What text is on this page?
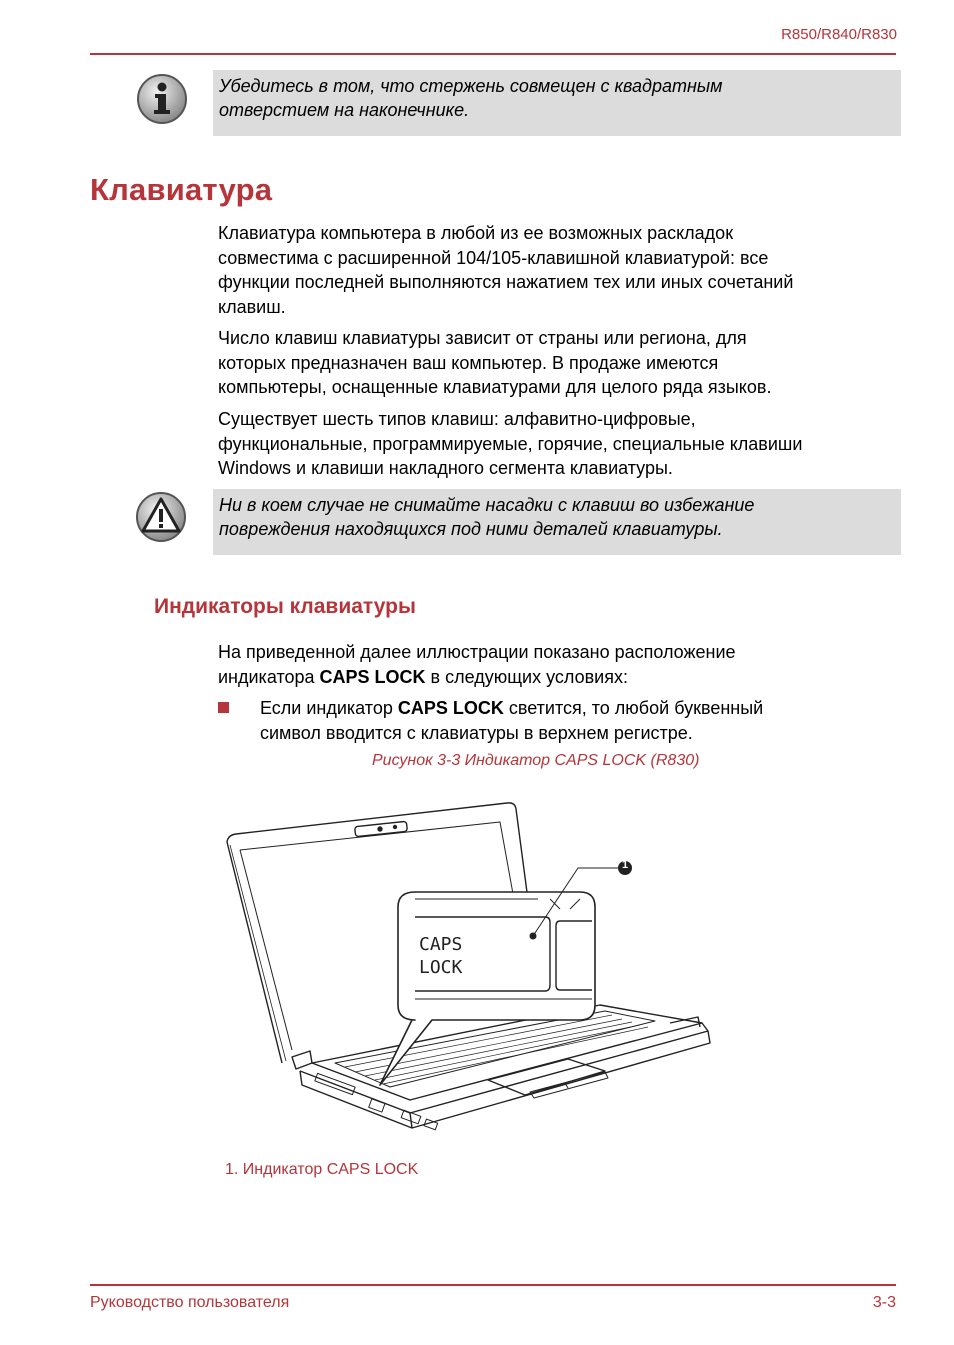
R850/R840/R830
Убедитесь в том, что стержень совмещен с квадратным
отверстием на наконечнике.
Клавиатура
Клавиатура компьютера в любой из ее возможных раскладок
совместима с расширенной 104/105-клавишной клавиатурой: все
функции последней выполняются нажатием тех или иных сочетаний
клавиш.
Число клавиш клавиатуры зависит от страны или региона, для
которых предназначен ваш компьютер. В продаже имеются
компьютеры, оснащенные клавиатурами для целого ряда языков.
Существует шесть типов клавиш: алфавитно-цифровые,
функциональные, программируемые, горячие, специальные клавиши
Windows и клавиши накладного сегмента клавиатуры.
Ни в коем случае не снимайте насадки с клавиш во избежание
повреждения находящихся под ними деталей клавиатуры.
Индикаторы клавиатуры
На приведенной далее иллюстрации показано расположение
индикатора CAPS LOCK в следующих условиях:
Если индикатор CAPS LOCK светится, то любой буквенный
символ вводится с клавиатуры в верхнем регистре.
Рисунок 3-3 Индикатор CAPS LOCK (R830)
1
CAPS
LOCK
1. Индикатор CAPS LOCK
Руководство пользователя	3-3
